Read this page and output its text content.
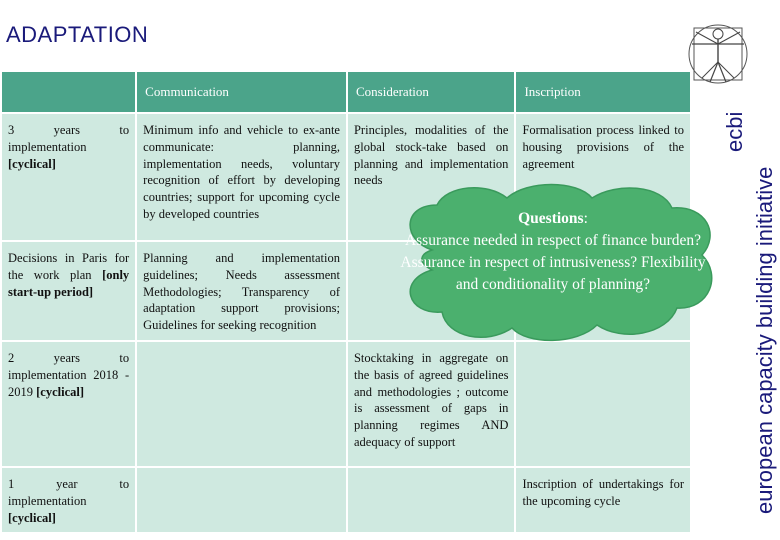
ADAPTATION
european capacity building initiative
ecbi
	Communication	Consideration	Inscription
3 years to implementation
[cyclical]	Minimum info and vehicle to ex-ante communicate: planning, implementation needs, voluntary recognition of effort by developing countries; support for upcoming cycle by developed countries	Principles, modalities of the global stock-take based on planning and implementation needs	Formalisation process linked to housing provisions of the agreement
Decisions in Paris for the work plan [only start-up period]	Planning and implementation guidelines; Needs assessment Methodologies; Transparency of adaptation support provisions; Guidelines for seeking recognition		
2 years to implementation 2018 - 2019 [cyclical]		Stocktaking in aggregate on the basis of agreed guidelines and methodologies ; outcome is assessment of gaps in planning regimes AND adequacy of support	
1 year to implementation
[cyclical]			Inscription of undertakings for the upcoming cycle
Questions:
Assurance needed in respect of finance burden? Assurance in respect of intrusiveness? Flexibility and conditionality of planning?
